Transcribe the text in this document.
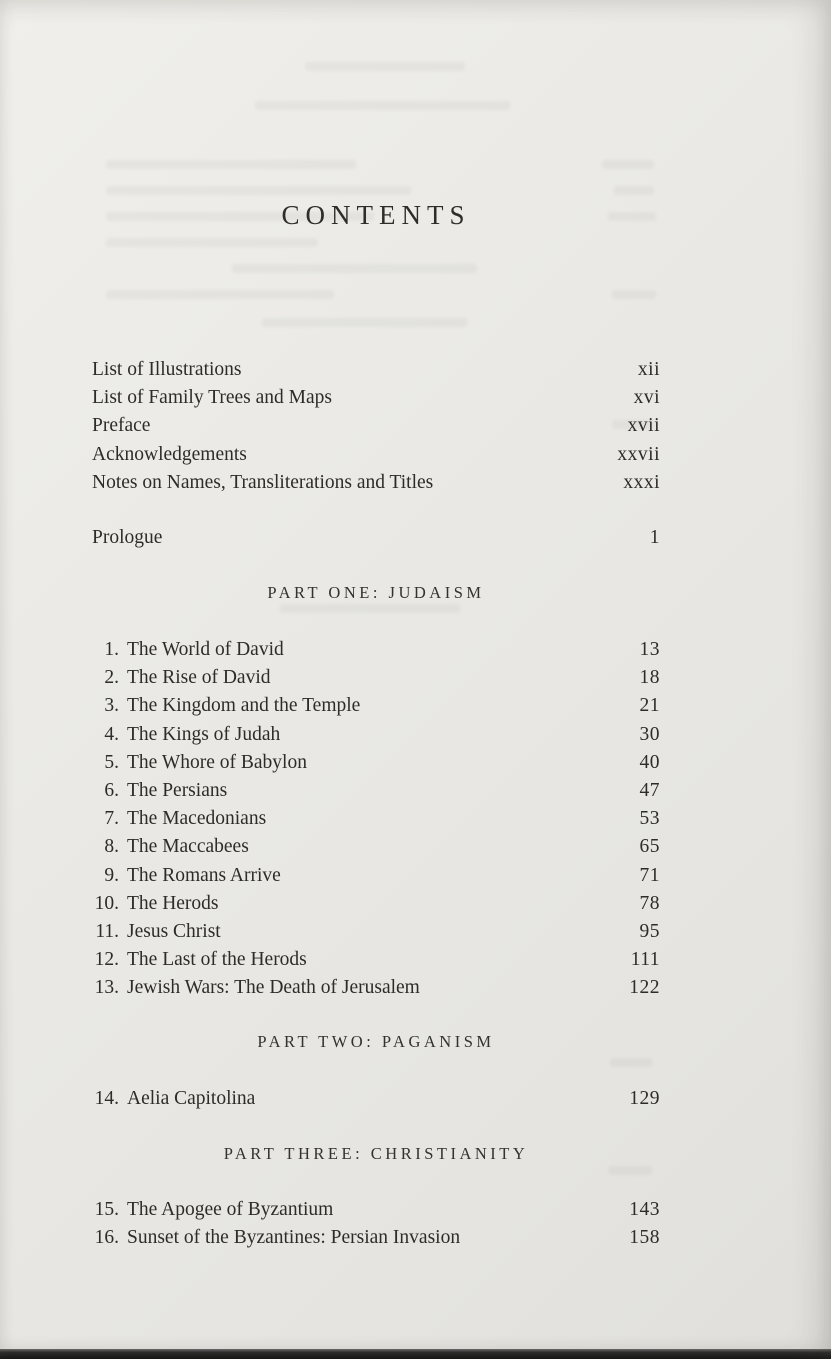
CONTENTS
List of Illustrations	xii
List of Family Trees and Maps	xvi
Preface	xvii
Acknowledgements	xxvii
Notes on Names, Transliterations and Titles	xxxi
Prologue	1
PART ONE: JUDAISM
1. The World of David	13
2. The Rise of David	18
3. The Kingdom and the Temple	21
4. The Kings of Judah	30
5. The Whore of Babylon	40
6. The Persians	47
7. The Macedonians	53
8. The Maccabees	65
9. The Romans Arrive	71
10. The Herods	78
11. Jesus Christ	95
12. The Last of the Herods	111
13. Jewish Wars: The Death of Jerusalem	122
PART TWO: PAGANISM
14. Aelia Capitolina	129
PART THREE: CHRISTIANITY
15. The Apogee of Byzantium	143
16. Sunset of the Byzantines: Persian Invasion	158
